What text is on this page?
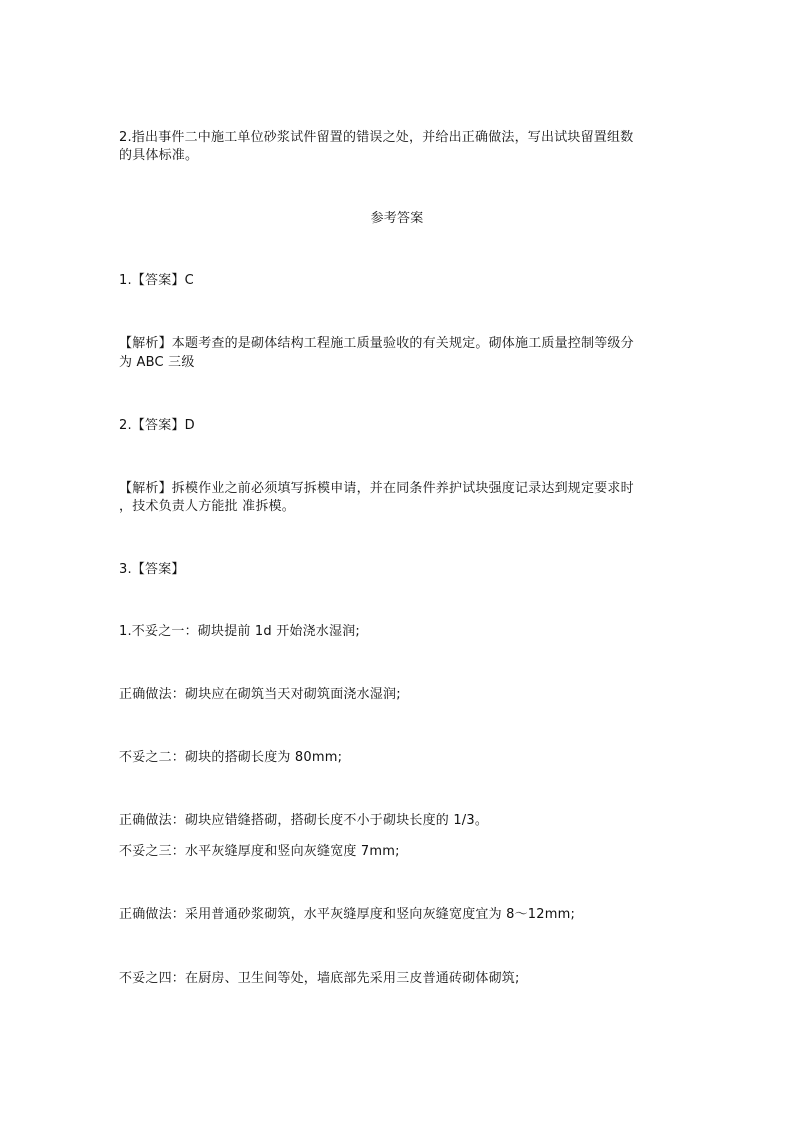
2.指出事件二中施工单位砂浆试件留置的错误之处，并给出正确做法，写出试块留置组数
的具体标准。
参考答案
1.【答案】C
【解析】本题考查的是砌体结构工程施工质量验收的有关规定。砌体施工质量控制等级分
为 ABC 三级
2.【答案】D
【解析】拆模作业之前必须填写拆模申请，并在同条件养护试块强度记录达到规定要求时
，技术负责人方能批 准拆模。
3.【答案】
1.不妥之一：砌块提前 1d 开始浇水湿润;
正确做法：砌块应在砌筑当天对砌筑面浇水湿润;
不妥之二：砌块的搭砌长度为 80mm;
正确做法：砌块应错缝搭砌，搭砌长度不小于砌块长度的 1/3。
不妥之三：水平灰缝厚度和竖向灰缝宽度 7mm;
正确做法：采用普通砂浆砌筑，水平灰缝厚度和竖向灰缝宽度宜为 8～12mm;
不妥之四：在厨房、卫生间等处，墙底部先采用三皮普通砖砌体砌筑;
